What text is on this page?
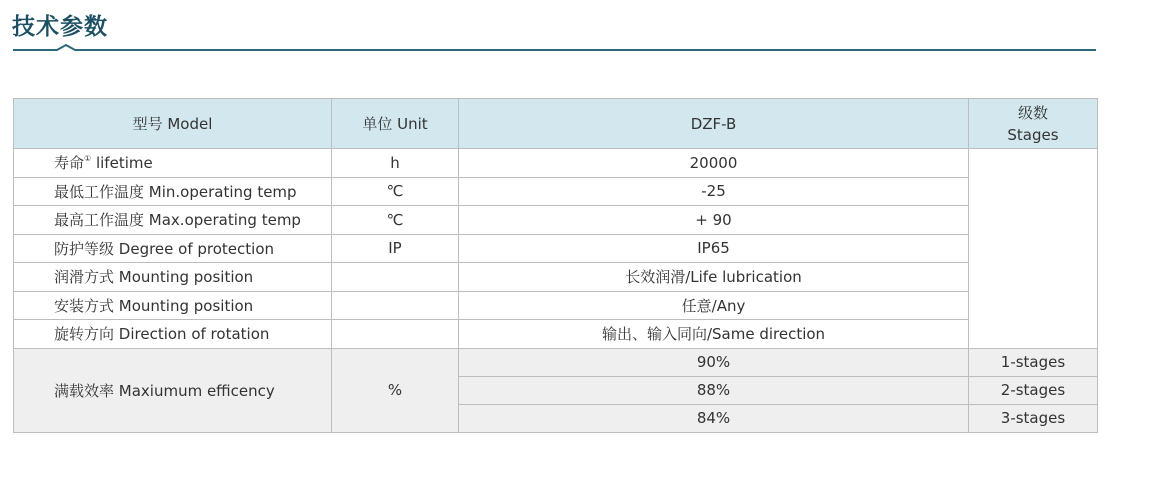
技术参数
型号 Model	单位 Unit	DZF-B	级数
Stages

寿命① lifetime	h	20000	
最低工作温度 Min.operating temp	℃	-25	
最高工作温度 Max.operating temp	℃	+ 90	
防护等级 Degree of protection	IP	IP65	
润滑方式 Mounting position		长效润滑/Life lubrication	
安装方式 Mounting position		任意/Any	
旋转方向 Direction of rotation		输出、输入同向/Same direction	
满载效率 Maxiumum efficency	%	90%	1-stages
		88%	2-stages
		84%	3-stages
